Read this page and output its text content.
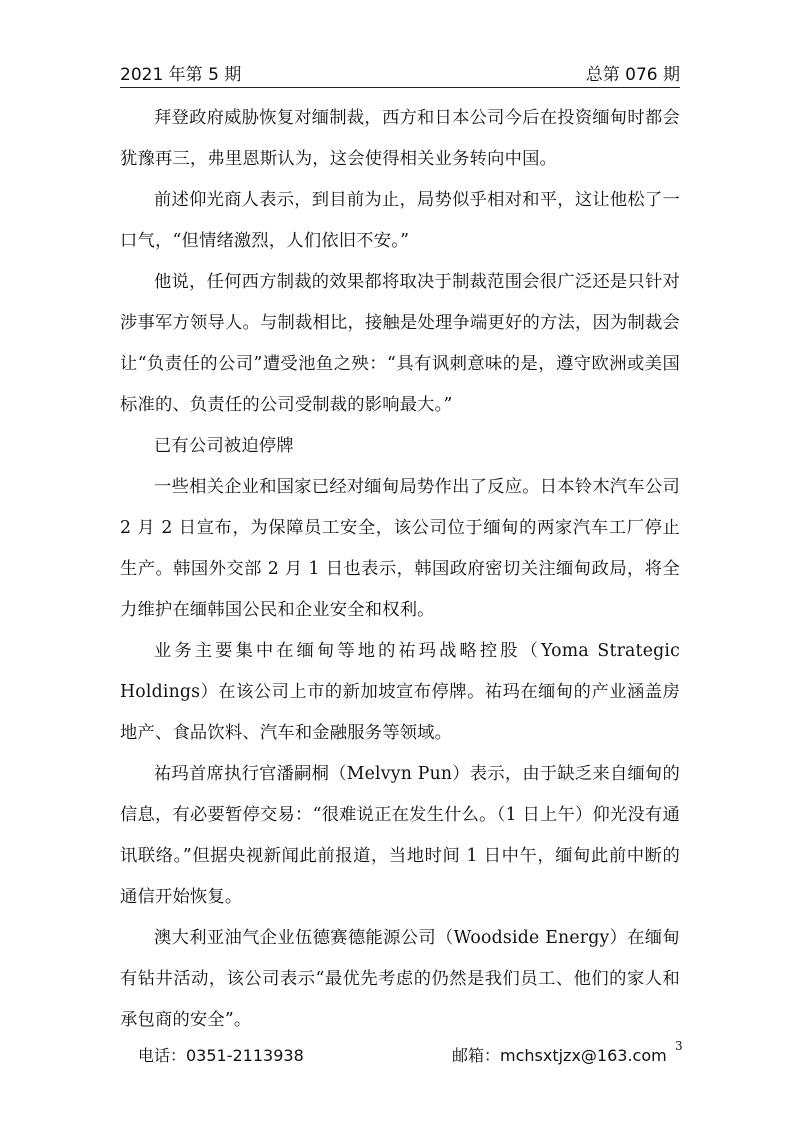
2021 年第 5 期	总第 076 期

拜登政府威胁恢复对缅制裁，西方和日本公司今后在投资缅甸时都会犹豫再三，弗里恩斯认为，这会使得相关业务转向中国。

前述仰光商人表示，到目前为止，局势似乎相对和平，这让他松了一口气，“但情绪激烈，人们依旧不安。”

他说，任何西方制裁的效果都将取决于制裁范围会很广泛还是只针对涉事军方领导人。与制裁相比，接触是处理争端更好的方法，因为制裁会让“负责任的公司”遭受池鱼之殃：“具有讽刺意味的是，遵守欧洲或美国标准的、负责任的公司受制裁的影响最大。”

已有公司被迫停牌

一些相关企业和国家已经对缅甸局势作出了反应。日本铃木汽车公司 2 月 2 日宣布，为保障员工安全，该公司位于缅甸的两家汽车工厂停止生产。韩国外交部 2 月 1 日也表示，韩国政府密切关注缅甸政局，将全力维护在缅韩国公民和企业安全和权利。

业务主要集中在缅甸等地的祐玛战略控股（Yoma Strategic Holdings）在该公司上市的新加坡宣布停牌。祐玛在缅甸的产业涵盖房地产、食品饮料、汽车和金融服务等领域。

祐玛首席执行官潘嗣桐（Melvyn Pun）表示，由于缺乏来自缅甸的信息，有必要暂停交易：“很难说正在发生什么。（1 日上午）仰光没有通讯联络。”但据央视新闻此前报道，当地时间 1 日中午，缅甸此前中断的通信开始恢复。

澳大利亚油气企业伍德赛德能源公司（Woodside Energy）在缅甸有钻井活动，该公司表示“最优先考虑的仍然是我们员工、他们的家人和承包商的安全”。

电话：0351-2113938	邮箱：mchsxtjzx@163.com 3
